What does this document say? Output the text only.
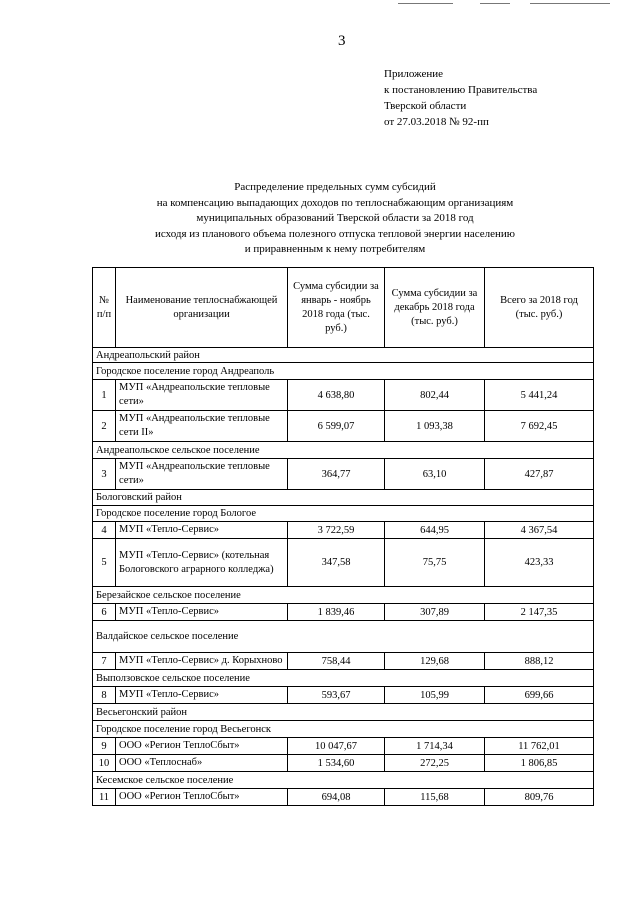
3
Приложение
к постановлению Правительства
Тверской области
от 27.03.2018 № 92-пп
Распределение предельных сумм субсидий
на компенсацию выпадающих доходов по теплоснабжающим организациям
муниципальных образований Тверской области за 2018 год
исходя из планового объема полезного отпуска тепловой энергии населению
и приравненным к нему потребителям
№ п/п	Наименование теплоснабжающей организации	Сумма субсидии за январь - ноябрь 2018 года (тыс. руб.)	Сумма субсидии за декабрь 2018 года (тыс. руб.)	Всего за 2018 год (тыс. руб.)
Андреапольский район				
Городское поселение город Андреаполь				
1	МУП «Андреапольские тепловые сети»	4 638,80	802,44	5 441,24
2	МУП «Андреапольские тепловые сети II»	6 599,07	1 093,38	7 692,45
Андреапольское сельское поселение				
3	МУП «Андреапольские тепловые сети»	364,77	63,10	427,87
Бологовский район				
Городское поселение город Бологое				
4	МУП «Тепло-Сервис»	3 722,59	644,95	4 367,54
5	МУП «Тепло-Сервис» (котельная Бологовского аграрного колледжа)	347,58	75,75	423,33
Березайское сельское поселение				
6	МУП «Тепло-Сервис»	1 839,46	307,89	2 147,35
Валдайское сельское поселение				
7	МУП «Тепло-Сервис» д. Корыхново	758,44	129,68	888,12
Выползовское сельское поселение				
8	МУП «Тепло-Сервис»	593,67	105,99	699,66
Весьегонский район				
Городское поселение город Весьегонск				
9	ООО «Регион ТеплоСбыт»	10 047,67	1 714,34	11 762,01
10	ООО «Теплоснаб»	1 534,60	272,25	1 806,85
Кесемское сельское поселение				
11	ООО «Регион ТеплоСбыт»	694,08	115,68	809,76
